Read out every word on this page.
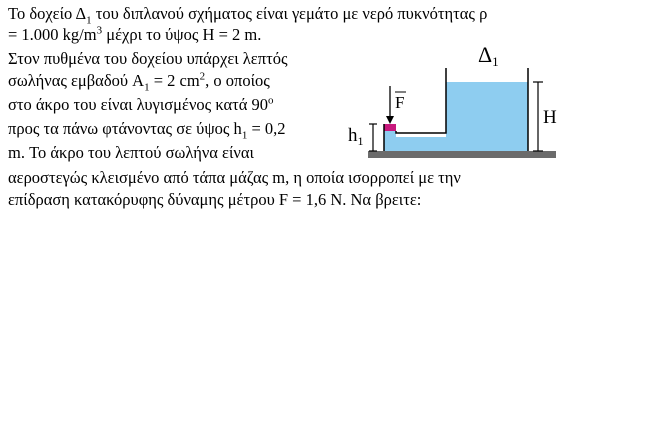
Το δοχείο $\Delta_1$ του διπλανού σχήματος είναι γεμάτο με νερό πυκνότητας ρ
= 1.000 $kg/m^3$ μέχρι το ύψος H = 2 m.
Στον πυθμένα του δοχείου υπάρχει λεπτός
σωλήνας εμβαδού $A_1 = 2$ $cm^2$, ο οποίος
στο άκρο του είναι λυγισμένος κατά 90$^o$
προς τα πάνω φτάνοντας σε ύψος $h_1 = 0,2$
m. Το άκρο του λεπτού σωλήνα είναι
αεροστεγώς κλεισμένο από τάπα μάζας m, η οποία ισορροπεί με την
επίδραση κατακόρυφης δύναμης μέτρου F = 1,6 N. Να βρειτε:
Δ1
H
F
$h_1$
